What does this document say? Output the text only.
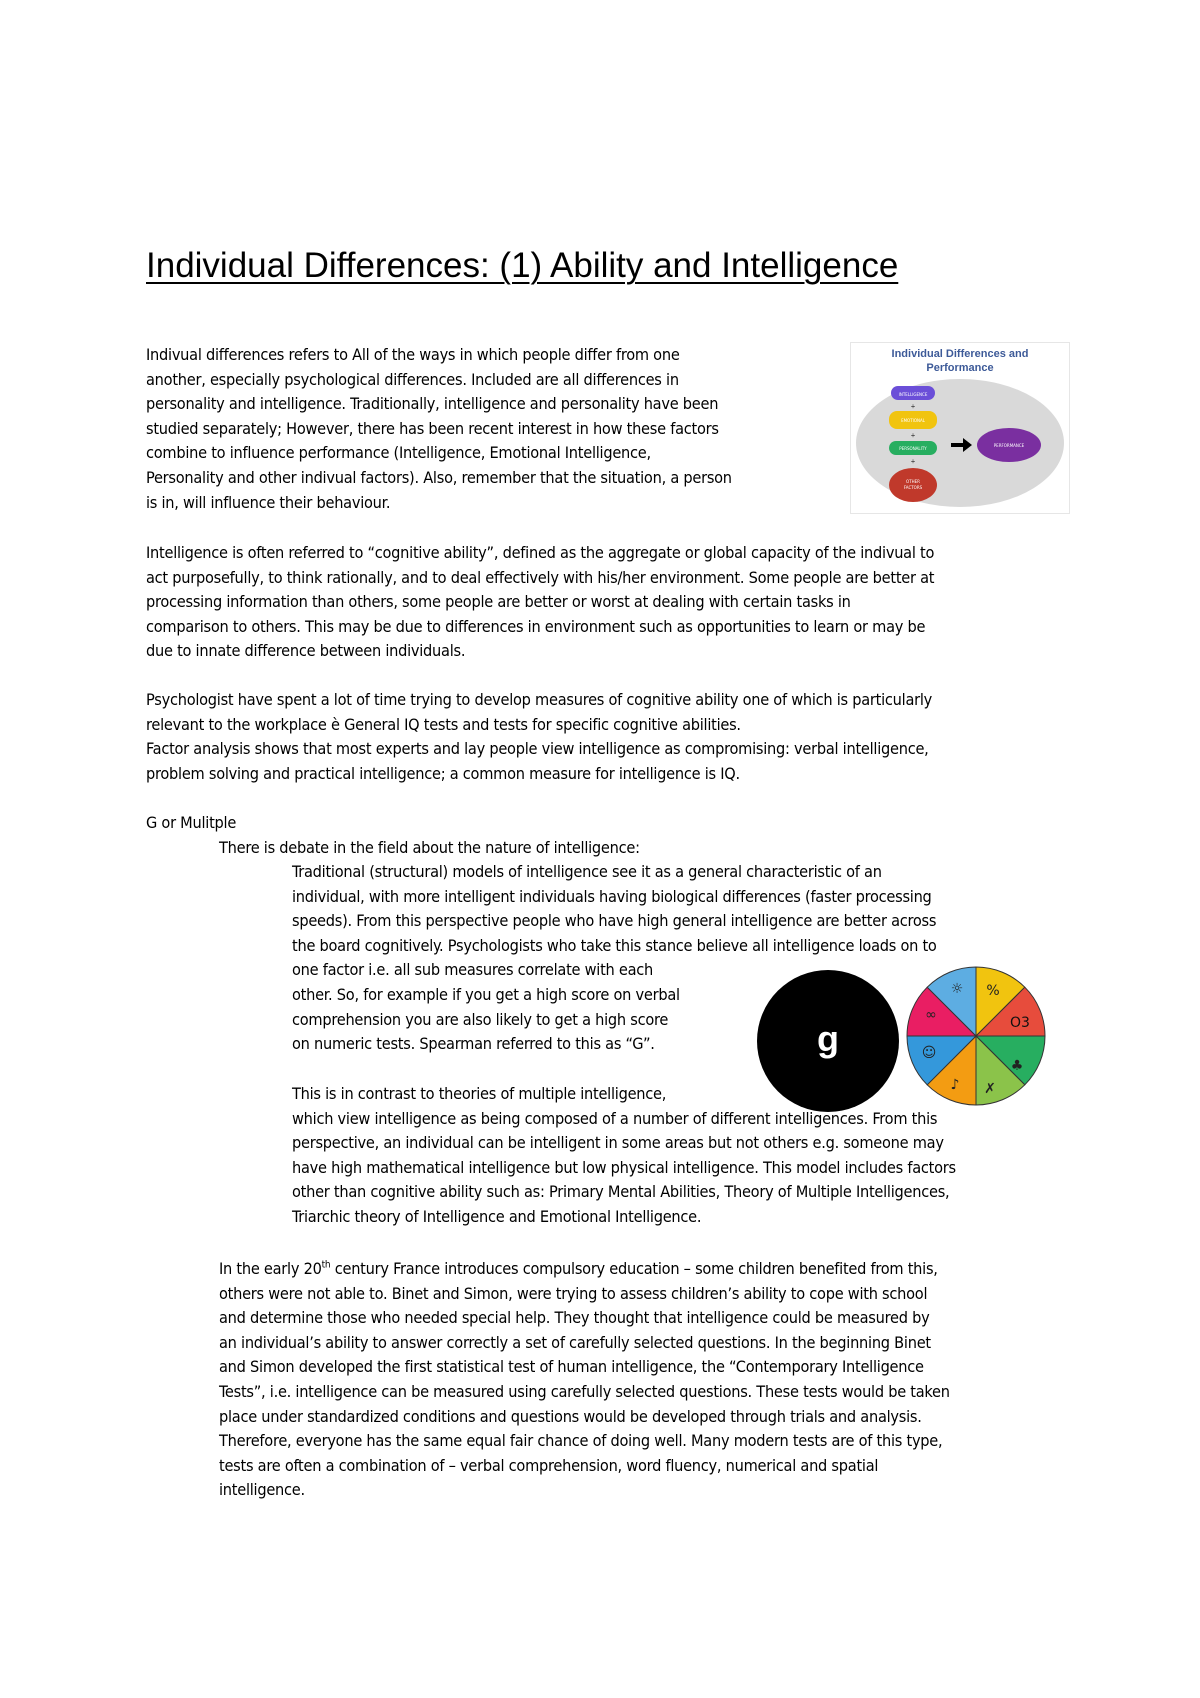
Individual Differences: (1) Ability and Intelligence

Indivual differences refers to All of the ways in which people differ from one
another, especially psychological differences. Included are all differences in
personality and intelligence. Traditionally, intelligence and personality have been
studied separately; However, there has been recent interest in how these factors
combine to influence performance (Intelligence, Emotional Intelligence,
Personality and other indivual factors). Also, remember that the situation, a person
is in, will influence their behaviour.

Individual Differences and
Performance
INTELLIGENCE
+
EMOTIONAL
+
PERSONALITY
+
OTHER
FACTORS
PERFORMANCE

Intelligence is often referred to “cognitive ability”, defined as the aggregate or global capacity of the indivual to
act purposefully, to think rationally, and to deal effectively with his/her environment. Some people are better at
processing information than others, some people are better or worst at dealing with certain tasks in
comparison to others. This may be due to differences in environment such as opportunities to learn or may be
due to innate difference between individuals.

Psychologist have spent a lot of time trying to develop measures of cognitive ability one of which is particularly
relevant to the workplace è General IQ tests and tests for specific cognitive abilities.
Factor analysis shows that most experts and lay people view intelligence as compromising: verbal intelligence,
problem solving and practical intelligence; a common measure for intelligence is IQ.

G or Mulitple

There is debate in the field about the nature of intelligence:

Traditional (structural) models of intelligence see it as a general characteristic of an
individual, with more intelligent individuals having biological differences (faster processing
speeds). From this perspective people who have high general intelligence are better across
the board cognitively. Psychologists who take this stance believe all intelligence loads on to
one factor i.e. all sub measures correlate with each
other. So, for example if you get a high score on verbal
comprehension you are also likely to get a high score
on numeric tests. Spearman referred to this as “G”.	g
%
O3
♣
✗
♪
☺
∞
☼

This is in contrast to theories of multiple intelligence,
which view intelligence as being composed of a number of different intelligences. From this
perspective, an individual can be intelligent in some areas but not others e.g. someone may
have high mathematical intelligence but low physical intelligence. This model includes factors
other than cognitive ability such as: Primary Mental Abilities, Theory of Multiple Intelligences,
Triarchic theory of Intelligence and Emotional Intelligence.

In the early 20th century France introduces compulsory education – some children benefited from this,
others were not able to. Binet and Simon, were trying to assess children’s ability to cope with school
and determine those who needed special help. They thought that intelligence could be measured by
an individual’s ability to answer correctly a set of carefully selected questions. In the beginning Binet
and Simon developed the first statistical test of human intelligence, the “Contemporary Intelligence
Tests”, i.e. intelligence can be measured using carefully selected questions. These tests would be taken
place under standardized conditions and questions would be developed through trials and analysis.
Therefore, everyone has the same equal fair chance of doing well. Many modern tests are of this type,
tests are often a combination of – verbal comprehension, word fluency, numerical and spatial
intelligence.
